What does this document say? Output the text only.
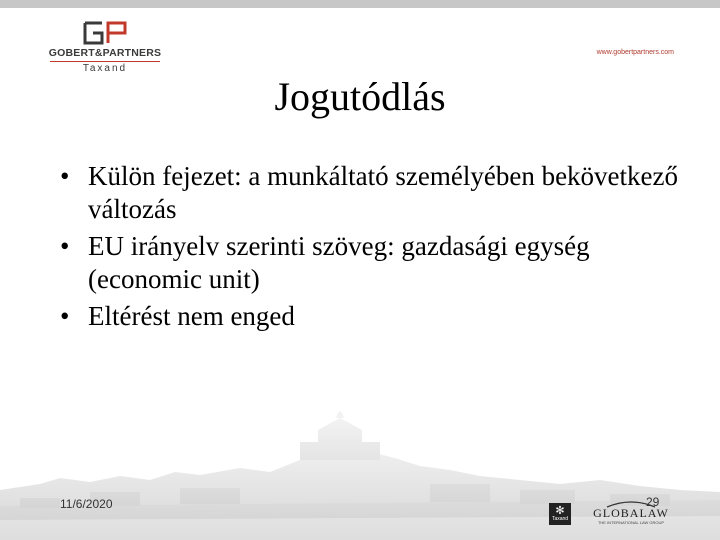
GOBERT&PARTNERS
Taxand
www.gobertpartners.com
Jogutódlás
• Külön fejezet: a munkáltató személyében bekövetkező változás
• EU irányelv szerinti szöveg: gazdasági egység (economic unit)
• Eltérést nem enged
11/6/2020	29
✻
Taxand	GLOBALAW
THE INTERNATIONAL LAW GROUP
